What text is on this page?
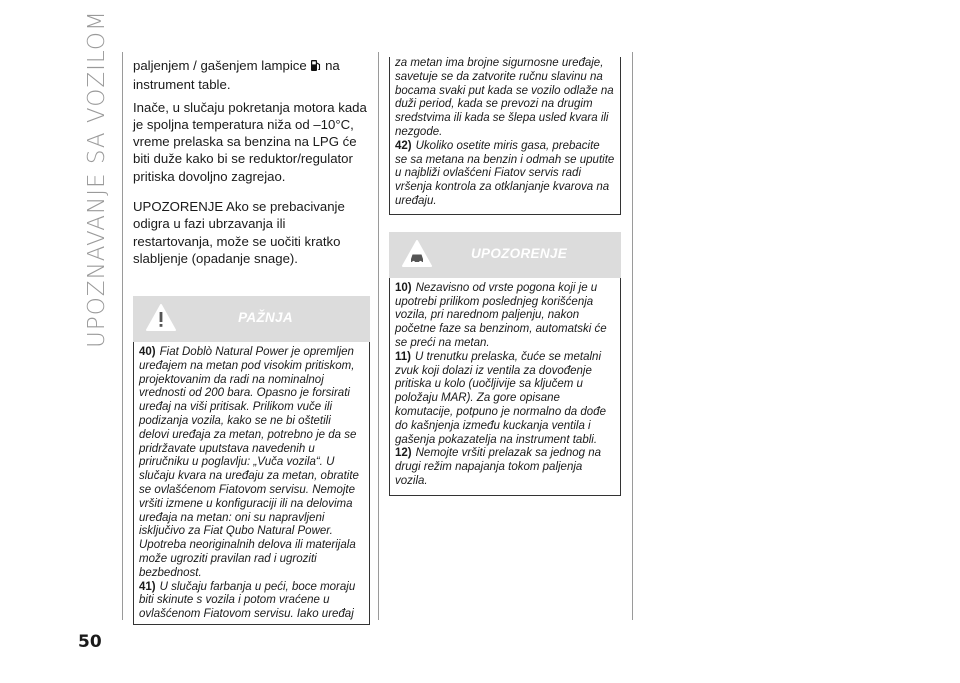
UPOZNAVANJE SA VOZILOM paljenjem / gašenjem lampice na instrument table.

Inače, u slučaju pokretanja motora kada je spoljna temperatura niža od –10°C, vreme prelaska sa benzina na LPG će biti duže kako bi se reduktor/regulator pritiska dovoljno zagrejao.

UPOZORENJE Ako se prebacivanje odigra u fazi ubrzavanja ili restartovanja, može se uočiti kratko slabljenje (opadanje snage).

PAŽNJA

40) Fiat Doblò Natural Power je opremljen uređajem na metan pod visokim pritiskom, projektovanim da radi na nominalnoj vrednosti od 200 bara. Opasno je forsirati uređaj na viši pritisak. Prilikom vuče ili podizanja vozila, kako se ne bi oštetili delovi uređaja za metan, potrebno je da se pridržavate uputstava navedenih u priručniku u poglavlju: „Vuča vozila“. U slučaju kvara na uređaju za metan, obratite se ovlašćenom Fiatovom servisu. Nemojte vršiti izmene u konfiguraciji ili na delovima uređaja na metan: oni su napravljeni isključivo za Fiat Qubo Natural Power. Upotreba neoriginalnih delova ili materijala može ugroziti pravilan rad i ugroziti bezbednost.

41) U slučaju farbanja u peći, boce moraju biti skinute s vozila i potom vraćene u ovlašćenom Fiatovom servisu. Iako uređaj

za metan ima brojne sigurnosne uređaje, savetuje se da zatvorite ručnu slavinu na bocama svaki put kada se vozilo odlaže na duži period, kada se prevozi na drugim sredstvima ili kada se šlepa usled kvara ili nezgode.

42) Ukoliko osetite miris gasa, prebacite se sa metana na benzin i odmah se uputite u najbliži ovlašćeni Fiatov servis radi vršenja kontrola za otklanjanje kvarova na uređaju.

UPOZORENJE

10) Nezavisno od vrste pogona koji je u upotrebi prilikom poslednjeg korišćenja vozila, pri narednom paljenju, nakon početne faze sa benzinom, automatski će se preći na metan.

11) U trenutku prelaska, čuće se metalni zvuk koji dolazi iz ventila za dovođenje pritiska u kolo (uočljivije sa ključem u položaju MAR). Za gore opisane komutacije, potpuno je normalno da dođe do kašnjenja između kuckanja ventila i gašenja pokazatelja na instrument tabli.

12) Nemojte vršiti prelazak sa jednog na drugi režim napajanja tokom paljenja vozila.

50
